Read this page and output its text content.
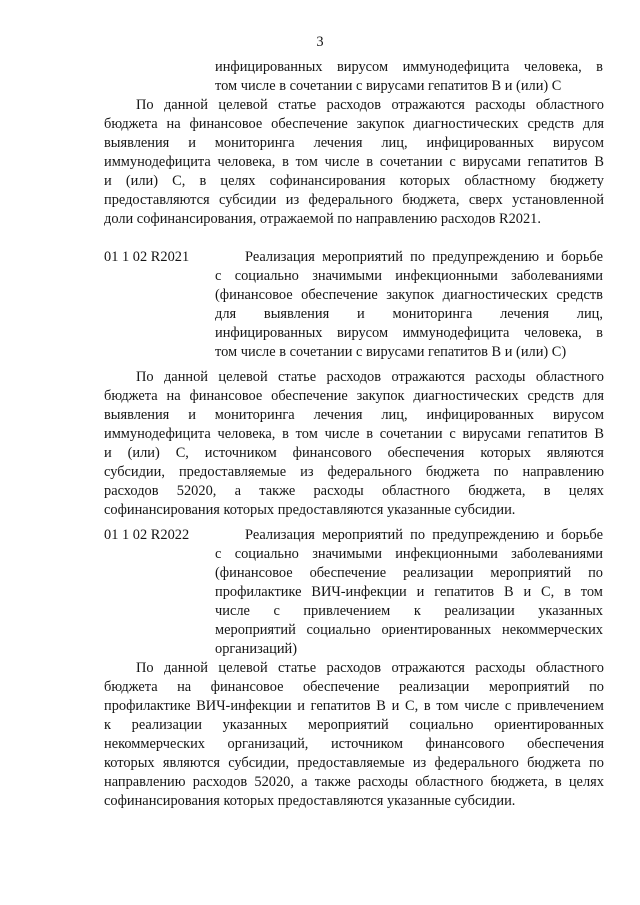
3
инфицированных вирусом иммунодефицита человека, в
том числе в сочетании с вирусами гепатитов B и (или) C
По данной целевой статье расходов отражаются расходы областного
бюджета на финансовое обеспечение закупок диагностических средств для
выявления и мониторинга лечения лиц, инфицированных вирусом
иммунодефицита человека, в том числе в сочетании с вирусами гепатитов B
и (или) C, в целях софинансирования которых областному бюджету
предоставляются субсидии из федерального бюджета, сверх установленной
доли софинансирования, отражаемой по направлению расходов R2021.
01 1 02 R2021	Реализация мероприятий по предупреждению и борьбе
с социально значимыми инфекционными заболеваниями
(финансовое обеспечение закупок диагностических средств
для выявления и мониторинга лечения лиц,
инфицированных вирусом иммунодефицита человека, в
том числе в сочетании с вирусами гепатитов B и (или) C)
По данной целевой статье расходов отражаются расходы областного
бюджета на финансовое обеспечение закупок диагностических средств для
выявления и мониторинга лечения лиц, инфицированных вирусом
иммунодефицита человека, в том числе в сочетании с вирусами гепатитов B
и (или) C, источником финансового обеспечения которых являются
субсидии, предоставляемые из федерального бюджета по направлению
расходов 52020, а также расходы областного бюджета, в целях
софинансирования которых предоставляются указанные субсидии.
01 1 02 R2022	Реализация мероприятий по предупреждению и борьбе
с социально значимыми инфекционными заболеваниями
(финансовое обеспечение реализации мероприятий по
профилактике ВИЧ-инфекции и гепатитов B и C, в том
числе с привлечением к реализации указанных
мероприятий социально ориентированных некоммерческих
организаций)
По данной целевой статье расходов отражаются расходы областного
бюджета на финансовое обеспечение реализации мероприятий по
профилактике ВИЧ-инфекции и гепатитов B и C, в том числе с привлечением
к реализации указанных мероприятий социально ориентированных
некоммерческих организаций, источником финансового обеспечения
которых являются субсидии, предоставляемые из федерального бюджета по
направлению расходов 52020, а также расходы областного бюджета, в целях
софинансирования которых предоставляются указанные субсидии.
